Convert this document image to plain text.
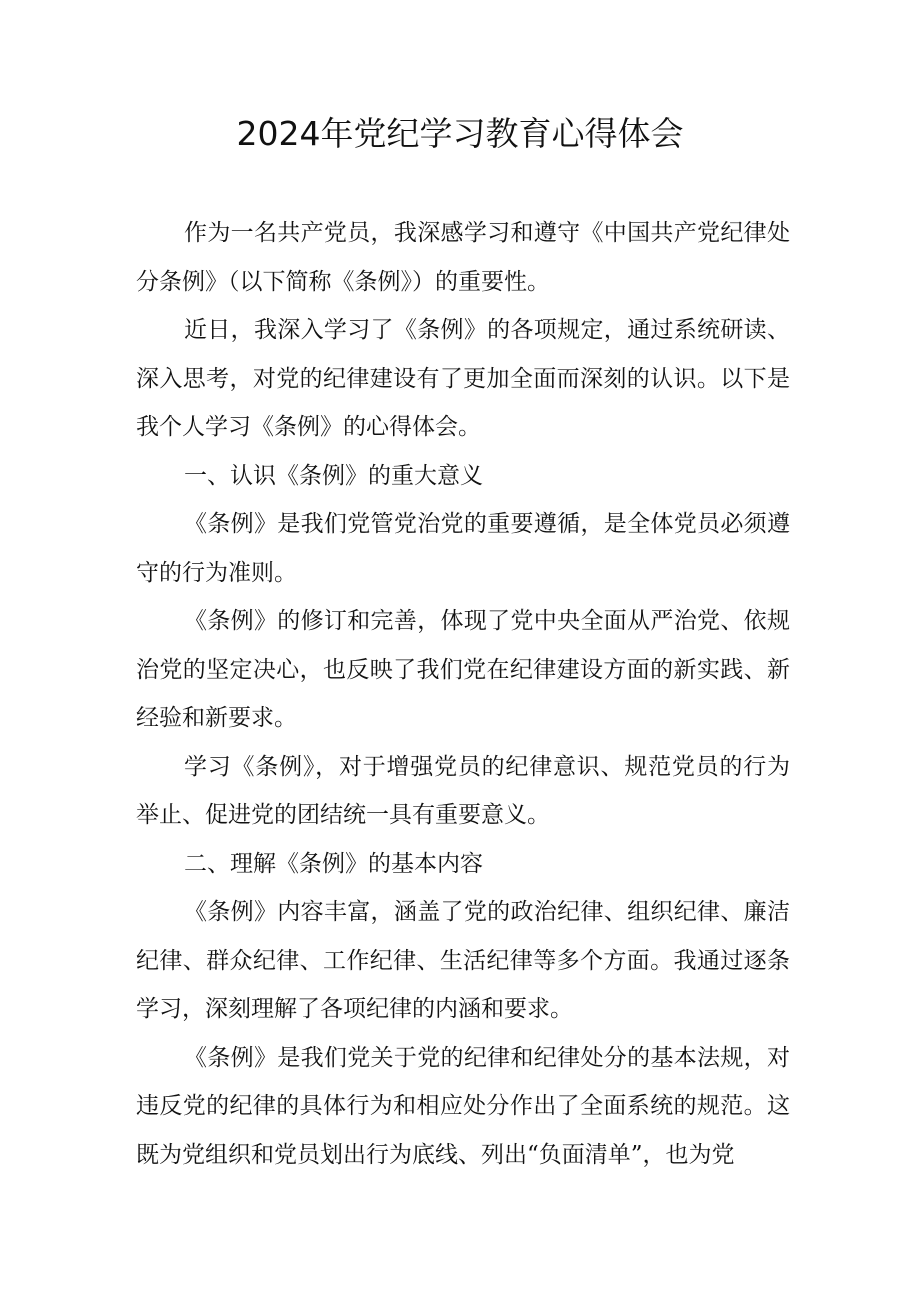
2024年党纪学习教育心得体会

作为一名共产党员，我深感学习和遵守《中国共产党纪律处分条例》（以下简称《条例》）的重要性。

近日，我深入学习了《条例》的各项规定，通过系统研读、深入思考，对党的纪律建设有了更加全面而深刻的认识。以下是我个人学习《条例》的心得体会。

一、认识《条例》的重大意义

《条例》是我们党管党治党的重要遵循，是全体党员必须遵守的行为准则。

《条例》的修订和完善，体现了党中央全面从严治党、依规治党的坚定决心，也反映了我们党在纪律建设方面的新实践、新经验和新要求。

学习《条例》，对于增强党员的纪律意识、规范党员的行为举止、促进党的团结统一具有重要意义。

二、理解《条例》的基本内容

《条例》内容丰富，涵盖了党的政治纪律、组织纪律、廉洁纪律、群众纪律、工作纪律、生活纪律等多个方面。我通过逐条学习，深刻理解了各项纪律的内涵和要求。

《条例》是我们党关于党的纪律和纪律处分的基本法规，对违反党的纪律的具体行为和相应处分作出了全面系统的规范。这既为党组织和党员划出行为底线、列出“负面清单”，也为党
